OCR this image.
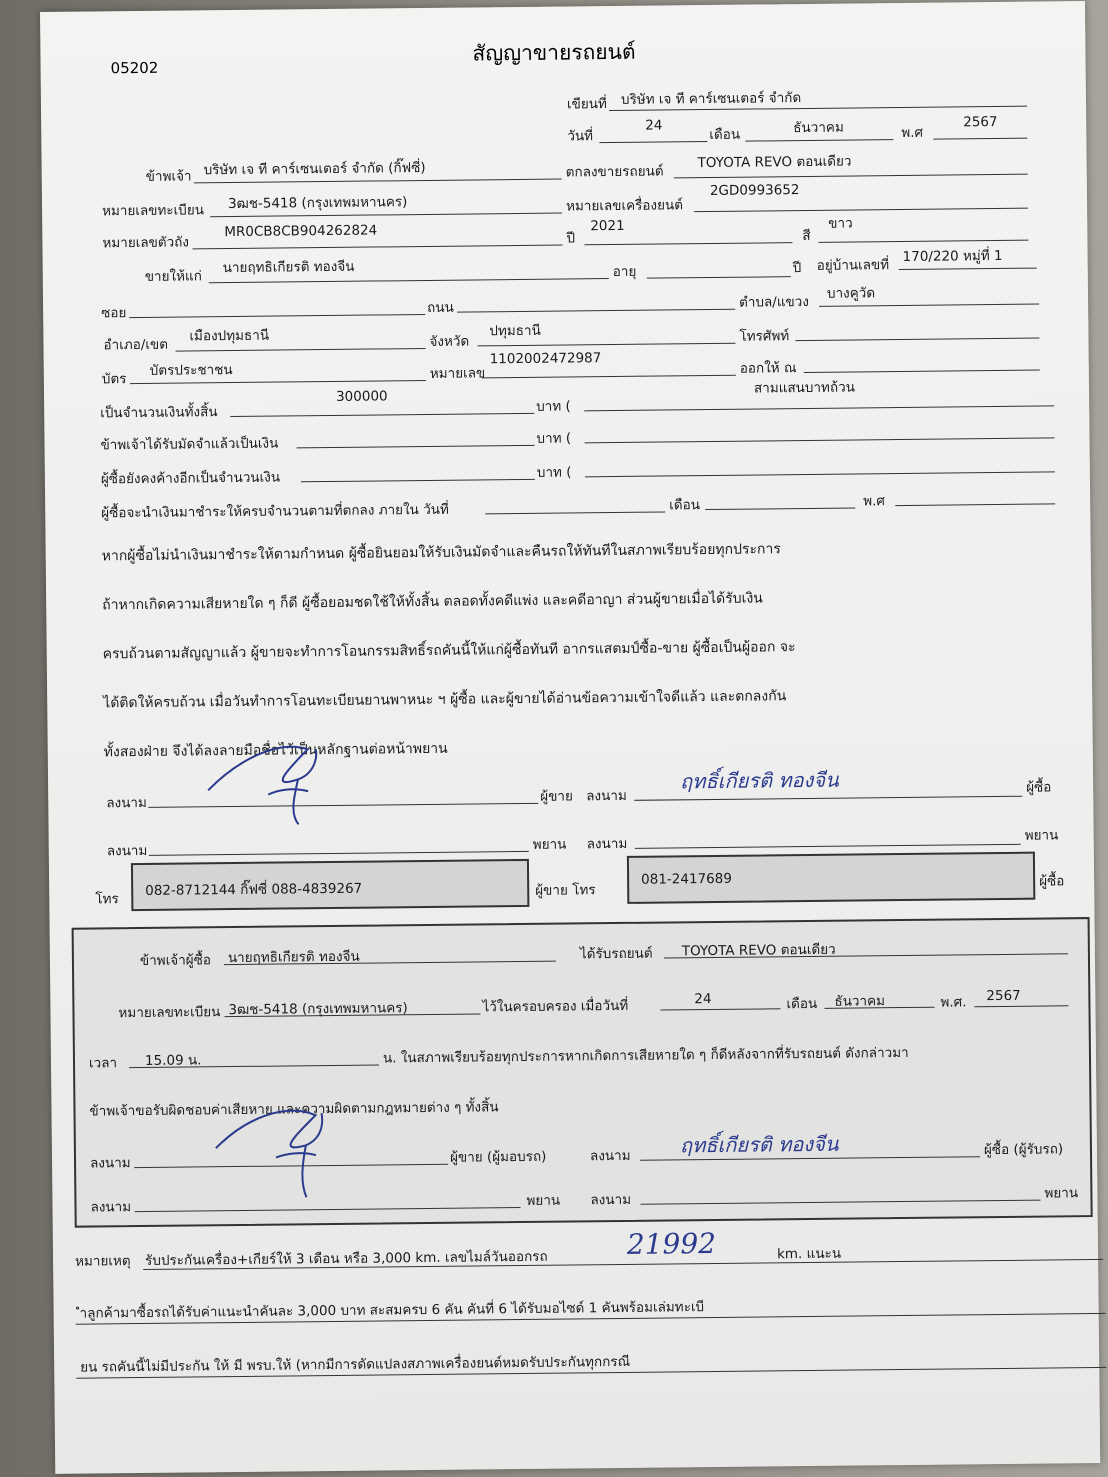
05202
สัญญาขายรถยนต์
เขียนที่ บริษัท เจ ที คาร์เซนเตอร์ จำกัด
วันที่
24
เดือน	ธันวาคม	พ.ศ
2567
ข้าพเจ้า บริษัท เจ ที คาร์เซนเตอร์ จำกัด (กิ๊ฟซี่)	ตกลงขายรถยนต์
TOYOTA REVO ตอนเดียว
หมายเลขทะเบียน 3ฒช-5418 (กรุงเทพมหานคร)	หมายเลขเครื่องยนต์
2GD0993652
หมายเลขตัวถัง
MR0CB8CB904262824	ปี
2021
สี
ขาว
ขายให้แก่
นายฤทธิเกียรติ ทองจีน	อายุ	ปี อยู่บ้านเลขที่
170/220 หมู่ที่ 1
ซอย	ถนน	ตำบล/แขวง
บางคูวัด
อำเภอ/เขต
เมืองปทุมธานี	จังหวัด
ปทุมธานี	โทรศัพท์
บัตร
บัตรประชาชน	หมายเลข
1102002472987
ออกให้ ณ
เป็นจำนวนเงินทั้งสิ้น
300000
บาท (
สามแสนบาทถ้วน
ข้าพเจ้าได้รับมัดจำแล้วเป็นเงิน	บาท (
ผู้ซื้อยังคงค้างอีกเป็นจำนวนเงิน	บาท (
ผู้ซื้อจะนำเงินมาชำระให้ครบจำนวนตามที่ตกลง ภายใน วันที่	เดือน	พ.ศ
หากผู้ซื้อไม่นำเงินมาชำระให้ตามกำหนด ผู้ซื้อยินยอมให้รับเงินมัดจำและคืนรถให้ทันทีในสภาพเรียบร้อยทุกประการ
ถ้าหากเกิดความเสียหายใด ๆ ก็ดี ผู้ซื้อยอมชดใช้ให้ทั้งสิ้น ตลอดทั้งคดีแพ่ง และคดีอาญา ส่วนผู้ขายเมื่อได้รับเงิน
ครบถ้วนตามสัญญาแล้ว ผู้ขายจะทำการโอนกรรมสิทธิ์รถคันนี้ให้แก่ผู้ซื้อทันที อากรแสตมป์ซื้อ-ขาย ผู้ซื้อเป็นผู้ออก จะ
ได้ติดให้ครบถ้วน เมื่อวันทำการโอนทะเบียนยานพาหนะ ฯ ผู้ซื้อ และผู้ขายได้อ่านข้อความเข้าใจดีแล้ว และตกลงกัน
ทั้งสองฝ่าย จึงได้ลงลายมือชื่อไว้เป็นหลักฐานต่อหน้าพยาน
ลงนาม	ผู้ขาย ลงนาม
ฤทธิ์เกียรติ ทองจีน	ผู้ซื้อ
ลงนาม	พยาน ลงนาม
พยาน
โทร
082-8712144 กิ๊ฟซี่ 088-4839267	ผู้ขาย โทร
081-2417689	ผู้ซื้อ
ข้าพเจ้าผู้ซื้อ นายฤทธิเกียรติ ทองจีน	ได้รับรถยนต์ TOYOTA REVO ตอนเดียว
หมายเลขทะเบียน 3ฒช-5418 (กรุงเทพมหานคร)	ไว้ในครอบครอง เมื่อวันที่	24	เดือน ธันวาคม	พ.ศ. 2567
เวลา 15.09 น.	น. ในสภาพเรียบร้อยทุกประการหากเกิดการเสียหายใด ๆ ก็ดีหลังจากที่รับรถยนต์ ดังกล่าวมา
ข้าพเจ้าขอรับผิดชอบค่าเสียหาย และความผิดตามกฎหมายต่าง ๆ ทั้งสิ้น
ลงนาม	ผู้ขาย (ผู้มอบรถ)	ลงนาม ฤทธิ์เกียรติ ทองจีน	ผู้ซื้อ (ผู้รับรถ)
ลงนาม	พยาน ลงนาม	พยาน
หมายเหตุ รับประกันเครื่อง+เกียร์ให้ 3 เดือน หรือ 3,000 km. เลขไมล์วันออกรถ	21992	km. แนะน
ำลูกค้ามาซื้อรถได้รับค่าแนะนำคันละ 3,000 บาท สะสมครบ 6 คัน คันที่ 6 ได้รับมอไซด์ 1 คันพร้อมเล่มทะเบี
ยน รถคันนี้ไม่มีประกัน ให้ มี พรบ.ให้ (หากมีการดัดแปลงสภาพเครื่องยนต์หมดรับประกันทุกกรณี
